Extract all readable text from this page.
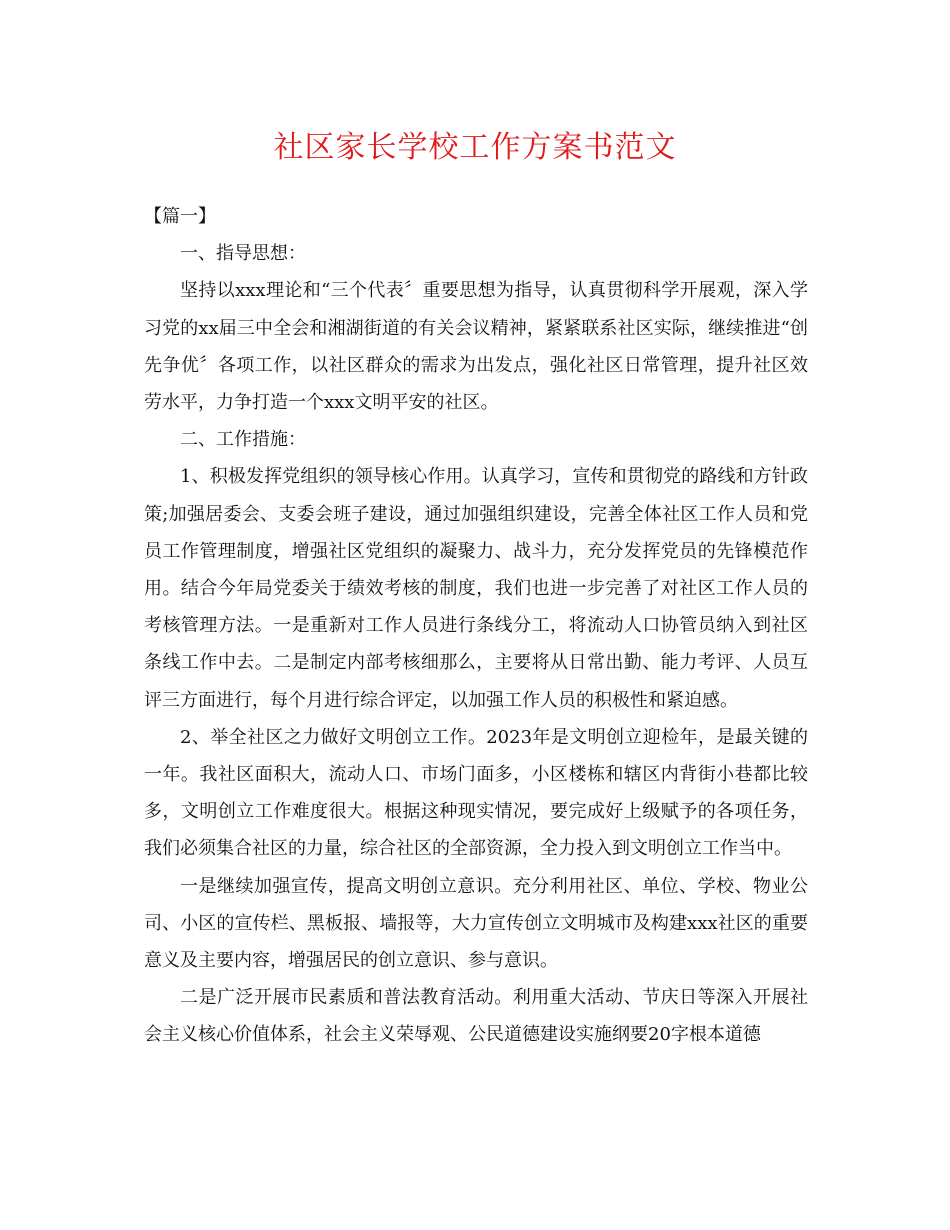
社区家长学校工作方案书范文

【篇一】

一、指导思想：

坚持以xxx理论和“三个代表〞重要思想为指导，认真贯彻科学开展观，深入学习党的xx届三中全会和湘湖街道的有关会议精神，紧紧联系社区实际，继续推进“创先争优〞各项工作，以社区群众的需求为出发点，强化社区日常管理，提升社区效劳水平，力争打造一个xxx文明平安的社区。

二、工作措施：

1、积极发挥党组织的领导核心作用。认真学习，宣传和贯彻党的路线和方针政策;加强居委会、支委会班子建设，通过加强组织建设，完善全体社区工作人员和党员工作管理制度，增强社区党组织的凝聚力、战斗力，充分发挥党员的先锋模范作用。结合今年局党委关于绩效考核的制度，我们也进一步完善了对社区工作人员的考核管理方法。一是重新对工作人员进行条线分工，将流动人口协管员纳入到社区条线工作中去。二是制定内部考核细那么，主要将从日常出勤、能力考评、人员互评三方面进行，每个月进行综合评定，以加强工作人员的积极性和紧迫感。

2、举全社区之力做好文明创立工作。2023年是文明创立迎检年，是最关键的一年。我社区面积大，流动人口、市场门面多，小区楼栋和辖区内背街小巷都比较多，文明创立工作难度很大。根据这种现实情况，要完成好上级赋予的各项任务，我们必须集合社区的力量，综合社区的全部资源，全力投入到文明创立工作当中。

一是继续加强宣传，提高文明创立意识。充分利用社区、单位、学校、物业公司、小区的宣传栏、黑板报、墙报等，大力宣传创立文明城市及构建xxx社区的重要意义及主要内容，增强居民的创立意识、参与意识。

二是广泛开展市民素质和普法教育活动。利用重大活动、节庆日等深入开展社会主义核心价值体系，社会主义荣辱观、公民道德建设实施纲要20字根本道德
